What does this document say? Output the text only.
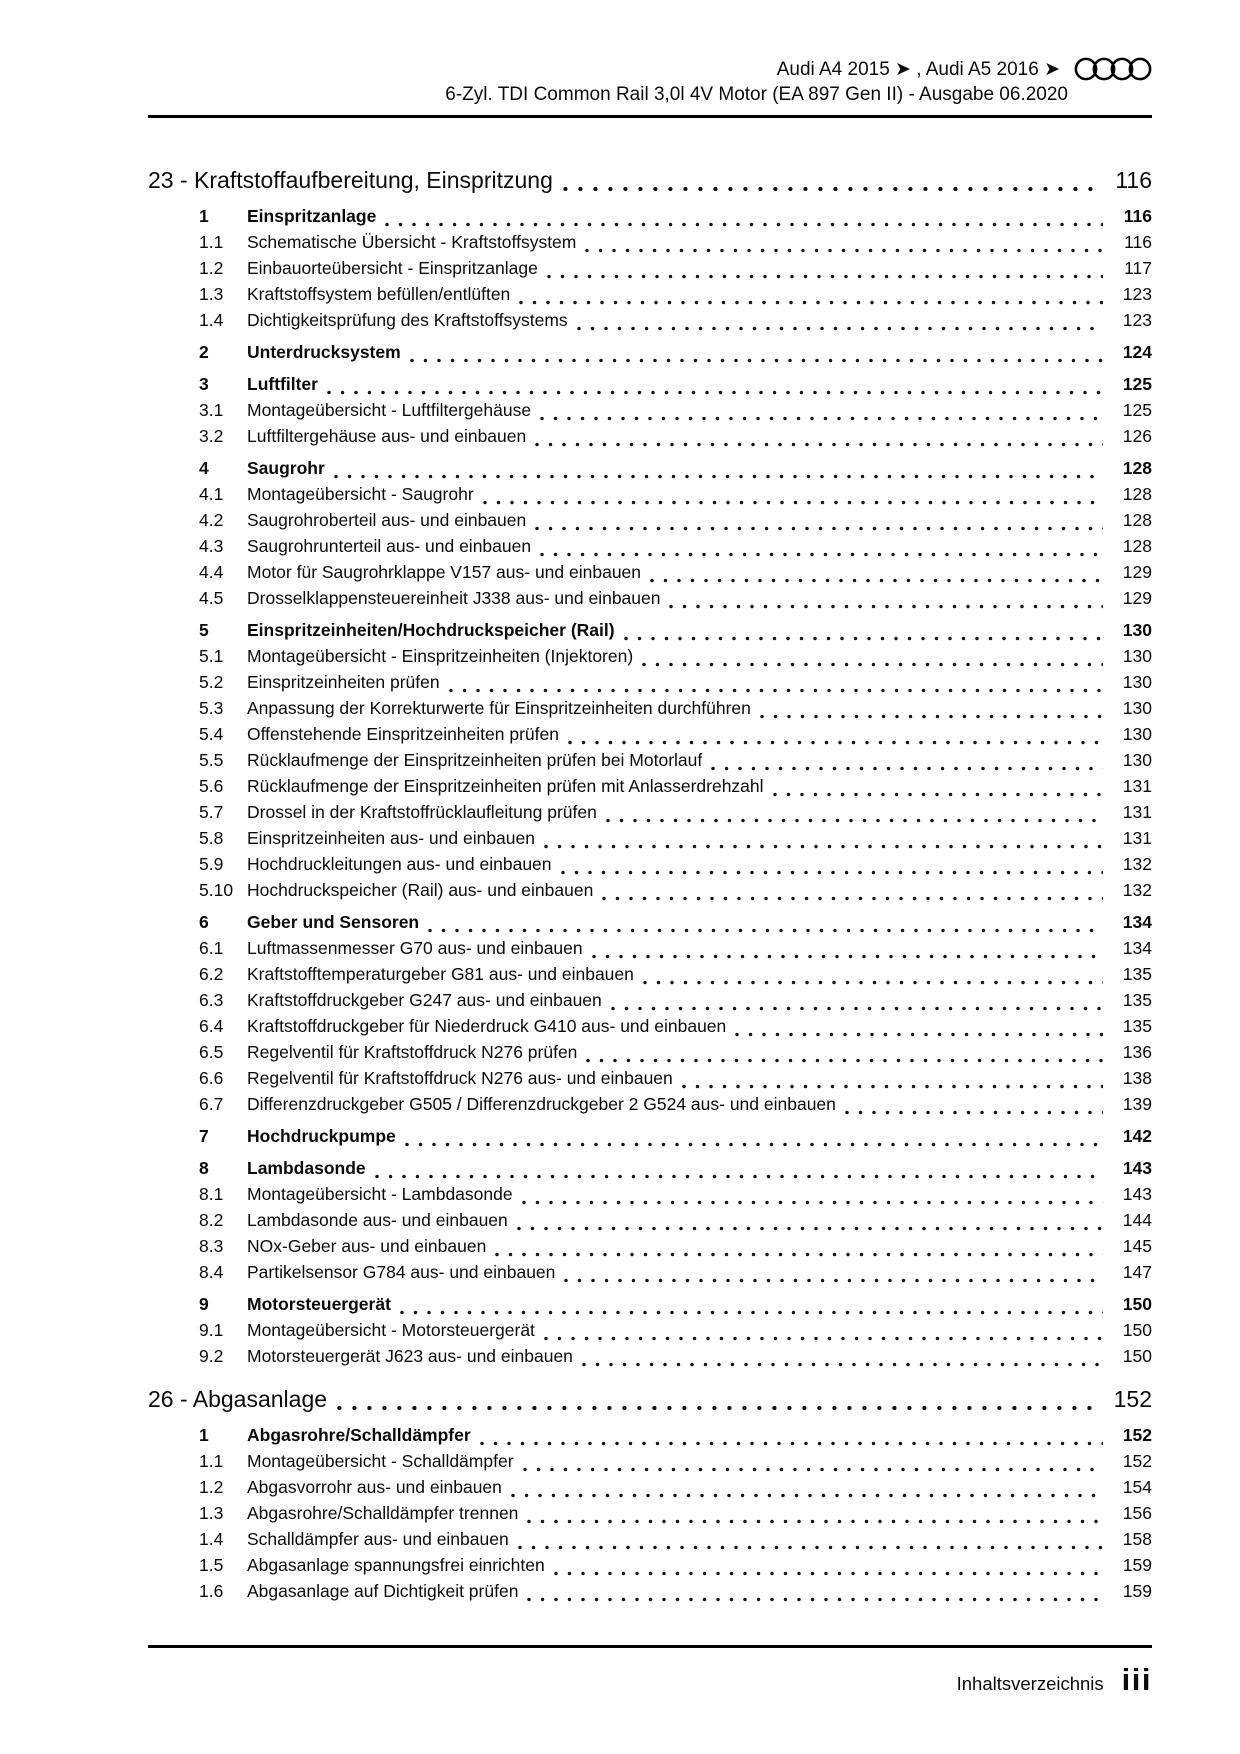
Audi A4 2015 ➤ , Audi A5 2016 ➤
6-Zyl. TDI Common Rail 3,0l 4V Motor (EA 897 Gen II) - Ausgabe 06.2020
23 - Kraftstoffaufbereitung, Einspritzung	116
1	Einspritzanlage	116
1.1	Schematische Übersicht - Kraftstoffsystem	116
1.2	Einbauorteübersicht - Einspritzanlage	117
1.3	Kraftstoffsystem befüllen/entlüften	123
1.4	Dichtigkeitsprüfung des Kraftstoffsystems	123
2	Unterdrucksystem	124
3	Luftfilter	125
3.1	Montageübersicht - Luftfiltergehäuse	125
3.2	Luftfiltergehäuse aus- und einbauen	126
4	Saugrohr	128
4.1	Montageübersicht - Saugrohr	128
4.2	Saugrohroberteil aus- und einbauen	128
4.3	Saugrohrunterteil aus- und einbauen	128
4.4	Motor für Saugrohrklappe V157 aus- und einbauen	129
4.5	Drosselklappensteuereinheit J338 aus- und einbauen	129
5	Einspritzeinheiten/Hochdruckspeicher (Rail)	130
5.1	Montageübersicht - Einspritzeinheiten (Injektoren)	130
5.2	Einspritzeinheiten prüfen	130
5.3	Anpassung der Korrekturwerte für Einspritzeinheiten durchführen	130
5.4	Offenstehende Einspritzeinheiten prüfen	130
5.5	Rücklaufmenge der Einspritzeinheiten prüfen bei Motorlauf	130
5.6	Rücklaufmenge der Einspritzeinheiten prüfen mit Anlasserdrehzahl	131
5.7	Drossel in der Kraftstoffrücklaufleitung prüfen	131
5.8	Einspritzeinheiten aus- und einbauen	131
5.9	Hochdruckleitungen aus- und einbauen	132
5.10 Hochdruckspeicher (Rail) aus- und einbauen	132
6	Geber und Sensoren	134
6.1	Luftmassenmesser G70 aus- und einbauen	134
6.2	Kraftstofftemperaturgeber G81 aus- und einbauen	135
6.3	Kraftstoffdruckgeber G247 aus- und einbauen	135
6.4	Kraftstoffdruckgeber für Niederdruck G410 aus- und einbauen	135
6.5	Regelventil für Kraftstoffdruck N276 prüfen	136
6.6	Regelventil für Kraftstoffdruck N276 aus- und einbauen	138
6.7	Differenzdruckgeber G505 / Differenzdruckgeber 2 G524 aus- und einbauen	139
7	Hochdruckpumpe	142
8	Lambdasonde	143
8.1	Montageübersicht - Lambdasonde	143
8.2	Lambdasonde aus- und einbauen	144
8.3	NOx-Geber aus- und einbauen	145
8.4	Partikelsensor G784 aus- und einbauen	147
9	Motorsteuergerät	150
9.1	Montageübersicht - Motorsteuergerät	150
9.2	Motorsteuergerät J623 aus- und einbauen	150
26 - Abgasanlage	152
1	Abgasrohre/Schalldämpfer	152
1.1	Montageübersicht - Schalldämpfer	152
1.2	Abgasvorrohr aus- und einbauen	154
1.3	Abgasrohre/Schalldämpfer trennen	156
1.4	Schalldämpfer aus- und einbauen	158
1.5	Abgasanlage spannungsfrei einrichten	159
1.6	Abgasanlage auf Dichtigkeit prüfen	159
Inhaltsverzeichnis iii
